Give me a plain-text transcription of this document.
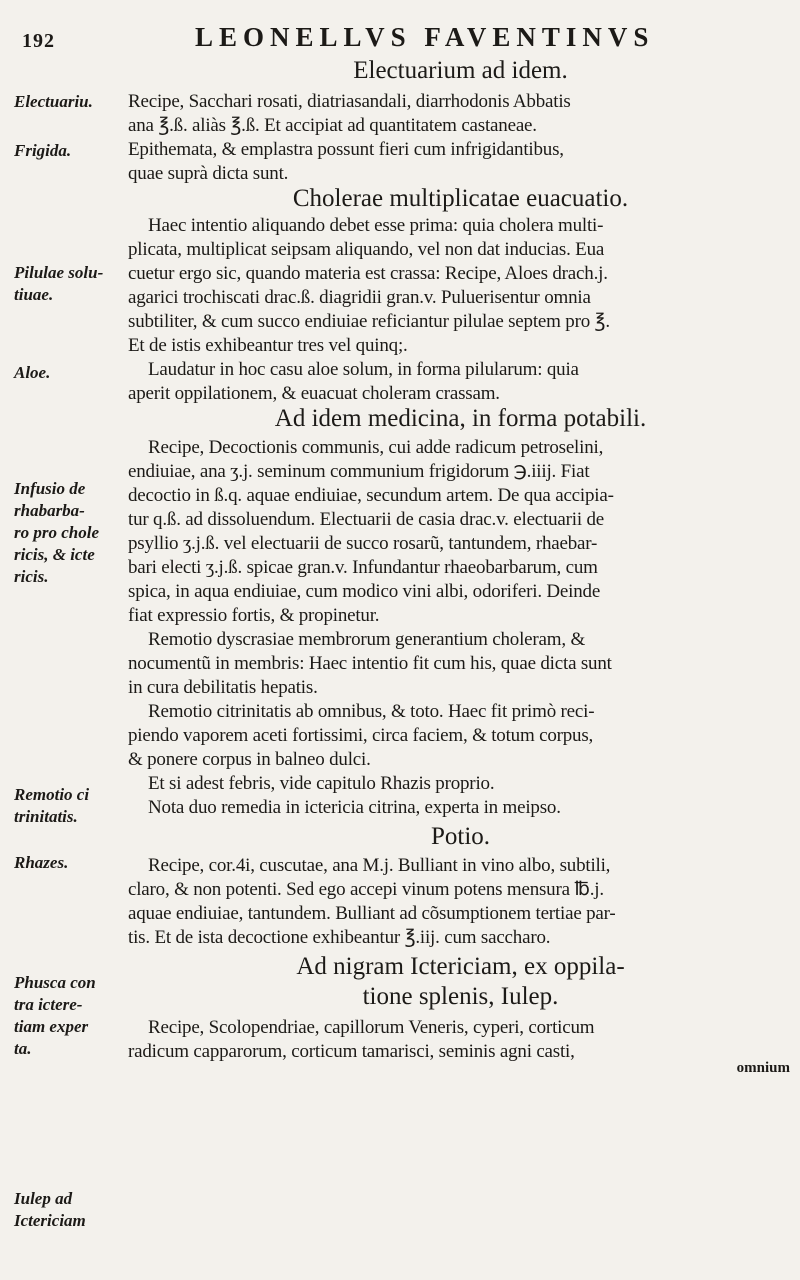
192	LEONELLVS FAVENTINVS
Electuariu.
Frigida.
Pilulae solu-
tiuae.
Aloe.
Infusio de
rhabarba-
ro pro chole
ricis, & icte
ricis.
Remotio ci
trinitatis.
Rhazes.
Phusca con
tra ictere-
tiam exper
ta.
Iulep ad
Ictericiam
Electuarium ad idem.
Recipe, Sacchari rosati, diatriasandali, diarrhodonis Abbatis
ana ℥.ß. aliàs ℥.ß. Et accipiat ad quantitatem castaneae.
Epithemata, & emplastra possunt fieri cum infrigidantibus,
quae suprà dicta sunt.
Cholerae multiplicatae euacuatio.
Haec intentio aliquando debet esse prima: quia cholera multi-
plicata, multiplicat seipsam aliquando, vel non dat inducias. Eua
cuetur ergo sic, quando materia est crassa: Recipe, Aloes drach.j.
agarici trochiscati drac.ß. diagridii gran.v. Puluerisentur omnia
subtiliter, & cum succo endiuiae reficiantur pilulae septem pro ℥.
Et de istis exhibeantur tres vel quinq;.
Laudatur in hoc casu aloe solum, in forma pilularum: quia
aperit oppilationem, & euacuat choleram crassam.
Ad idem medicina, in forma potabili.
Recipe, Decoctionis communis, cui adde radicum petroselini,
endiuiae, ana ʒ.j. seminum communium frigidorum ℈.iiij. Fiat
decoctio in ß.q. aquae endiuiae, secundum artem. De qua accipia-
tur q.ß. ad dissoluendum. Electuarii de casia drac.v. electuarii de
psyllio ʒ.j.ß. vel electuarii de succo rosarũ, tantundem, rhaebar-
bari electi ʒ.j.ß. spicae gran.v. Infundantur rhaeobarbarum, cum
spica, in aqua endiuiae, cum modico vini albi, odoriferi. Deinde
fiat expressio fortis, & propinetur.
Remotio dyscrasiae membrorum generantium choleram, &
nocumentũ in membris: Haec intentio fit cum his, quae dicta sunt
in cura debilitatis hepatis.
Remotio citrinitatis ab omnibus, & toto. Haec fit primò reci-
piendo vaporem aceti fortissimi, circa faciem, & totum corpus,
& ponere corpus in balneo dulci.
Et si adest febris, vide capitulo Rhazis proprio.
Nota duo remedia in ictericia citrina, experta in meipso.
Potio.
Recipe, cor.4i, cuscutae, ana M.j. Bulliant in vino albo, subtili,
claro, & non potenti. Sed ego accepi vinum potens mensura ℔.j.
aquae endiuiae, tantundem. Bulliant ad cõsumptionem tertiae par-
tis. Et de ista decoctione exhibeantur ℥.iij. cum saccharo.
Ad nigram Ictericiam, ex oppila-
tione splenis, Iulep.
Recipe, Scolopendriae, capillorum Veneris, cyperi, corticum
radicum capparorum, corticum tamarisci, seminis agni casti,
omnium
